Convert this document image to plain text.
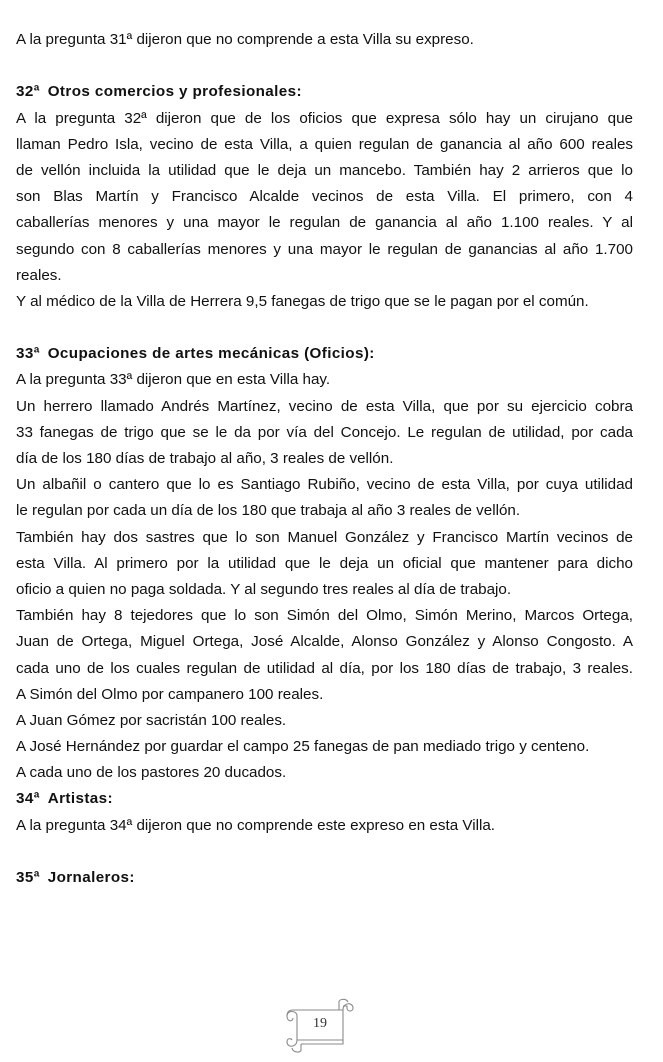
A la pregunta 31ª dijeron que no comprende a esta Villa su expreso.
32ª Otros comercios y profesionales:
A la pregunta 32ª dijeron que de los oficios que expresa sólo hay un cirujano que
llaman Pedro Isla, vecino de esta Villa, a quien regulan de ganancia al año 600 reales
de vellón incluida la utilidad que le deja un mancebo. También hay 2 arrieros que lo
son Blas Martín y Francisco Alcalde vecinos de esta Villa. El primero, con 4
caballerías menores y una mayor le regulan de ganancia al año 1.100 reales. Y al
segundo con 8 caballerías menores y una mayor le regulan de ganancias al año 1.700
reales.
Y al médico de la Villa de Herrera 9,5 fanegas de trigo que se le pagan por el común.
33ª Ocupaciones de artes mecánicas (Oficios):
A la pregunta 33ª dijeron que en esta Villa hay.
Un herrero llamado Andrés Martínez, vecino de esta Villa, que por su ejercicio cobra
33 fanegas de trigo que se le da por vía del Concejo. Le regulan de utilidad, por cada
día de los 180 días de trabajo al año, 3 reales de vellón.
Un albañil o cantero que lo es Santiago Rubiño, vecino de esta Villa, por cuya utilidad
le regulan por cada un día de los 180 que trabaja al año 3 reales de vellón.
También hay dos sastres que lo son Manuel González y Francisco Martín vecinos de
esta Villa. Al primero por la utilidad que le deja un oficial que mantener para dicho
oficio a quien no paga soldada. Y al segundo tres reales al día de trabajo.
También hay 8 tejedores que lo son Simón del Olmo, Simón Merino, Marcos Ortega,
Juan de Ortega, Miguel Ortega, José Alcalde, Alonso González y Alonso Congosto. A
cada uno de los cuales regulan de utilidad al día, por los 180 días de trabajo, 3 reales.
A Simón del Olmo por campanero 100 reales.
A Juan Gómez por sacristán 100 reales.
A José Hernández por guardar el campo 25 fanegas de pan mediado trigo y centeno.
A cada uno de los pastores 20 ducados.
34ª Artistas:
A la pregunta 34ª dijeron que no comprende este expreso en esta Villa.
35ª Jornaleros:
19
